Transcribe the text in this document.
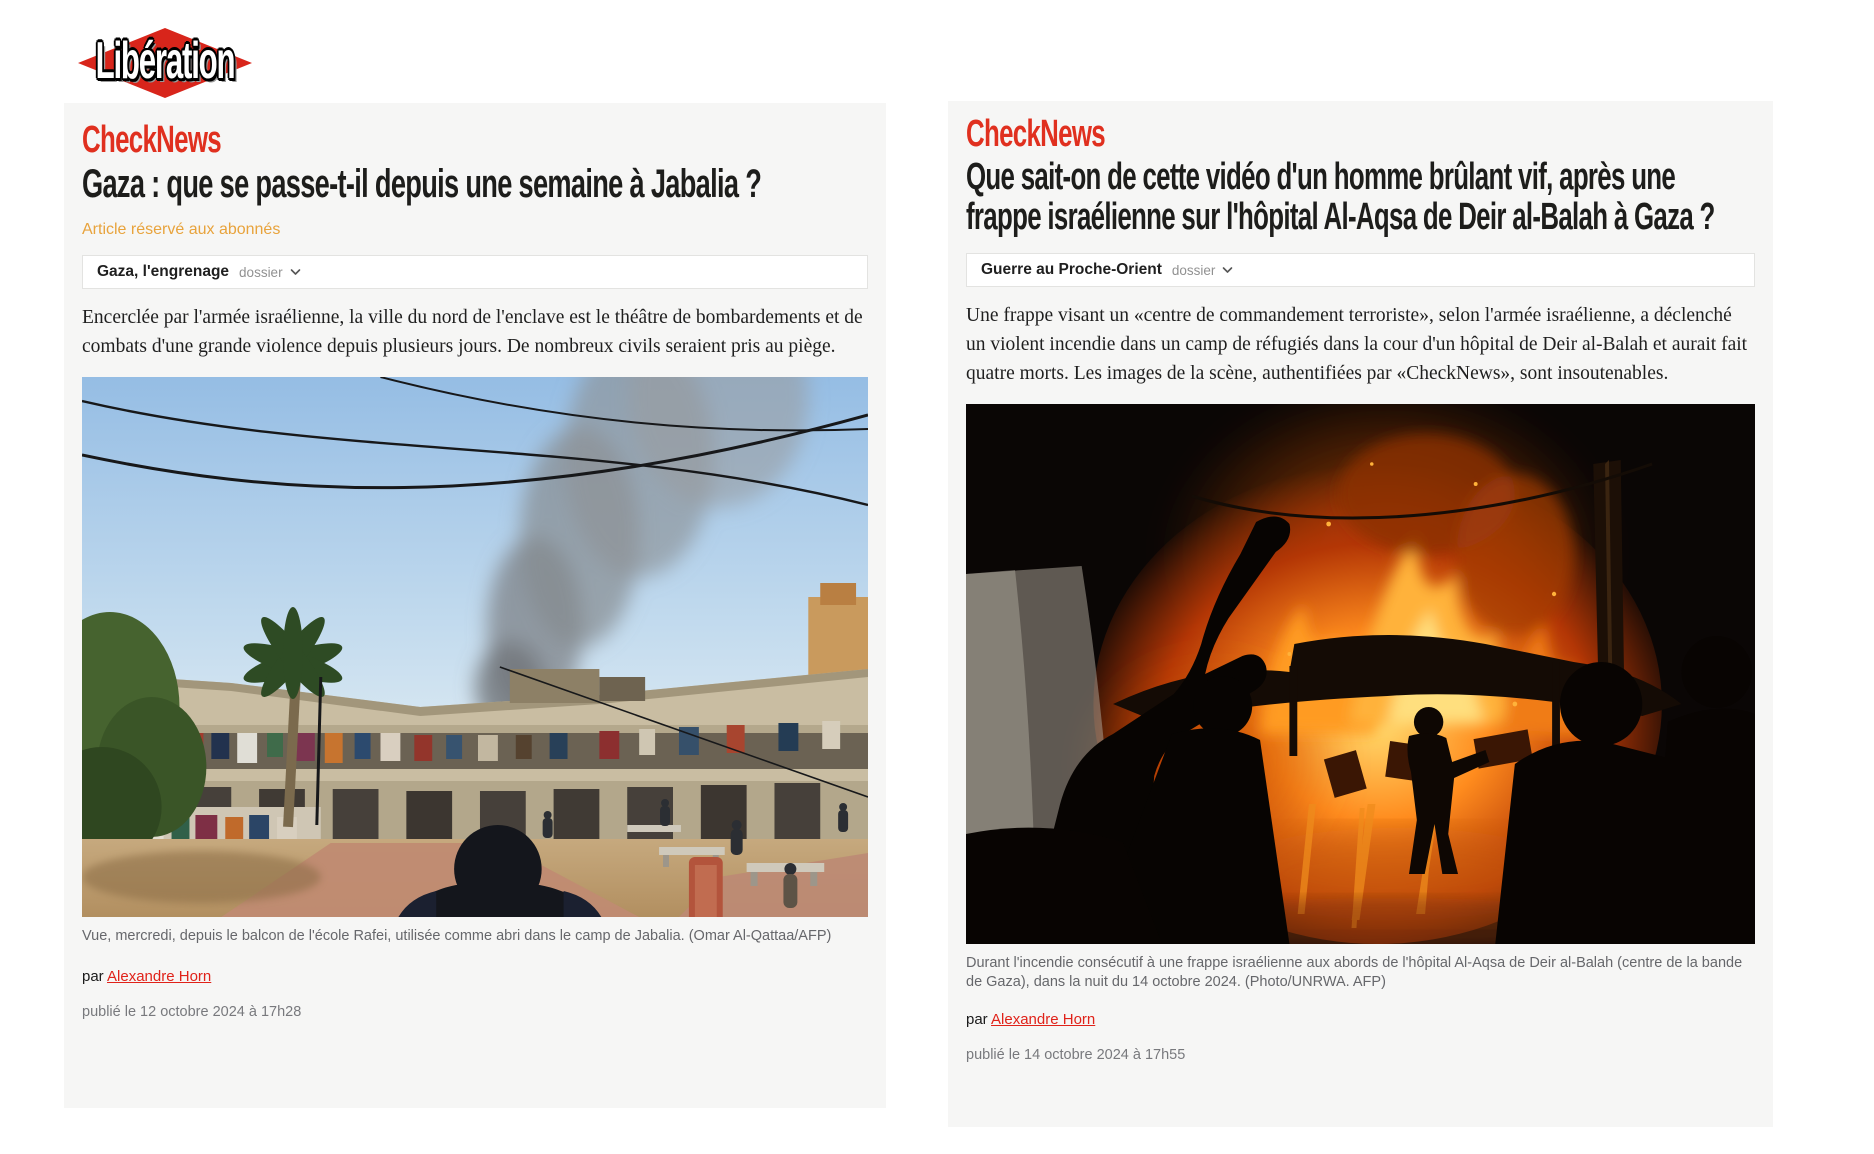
Libération
CheckNews
Gaza : que se passe-t-il depuis une semaine à Jabalia ?
Article réservé aux abonnés
Gaza, l'engrenage dossier

Encerclée par l'armée israélienne, la ville du nord de l'enclave est le théâtre de bombardements et de combats d'une grande violence depuis plusieurs jours. De nombreux civils seraient pris au piège.

Vue, mercredi, depuis le balcon de l'école Rafei, utilisée comme abri dans le camp de Jabalia. (Omar Al-Qattaa/AFP)

par Alexandre Horn

publié le 12 octobre 2024 à 17h28

CheckNews
Que sait-on de cette vidéo d'un homme brûlant vif, après une frappe israélienne sur l'hôpital Al-Aqsa de Deir al-Balah à Gaza ?
Guerre au Proche-Orient dossier

Une frappe visant un «centre de commandement terroriste», selon l'armée israélienne, a déclenché un violent incendie dans un camp de réfugiés dans la cour d'un hôpital de Deir al-Balah et aurait fait quatre morts. Les images de la scène, authentifiées par «CheckNews», sont insoutenables.

Durant l'incendie consécutif à une frappe israélienne aux abords de l'hôpital Al-Aqsa de Deir al-Balah (centre de la bande de Gaza), dans la nuit du 14 octobre 2024. (Photo/UNRWA. AFP)

par Alexandre Horn

publié le 14 octobre 2024 à 17h55
